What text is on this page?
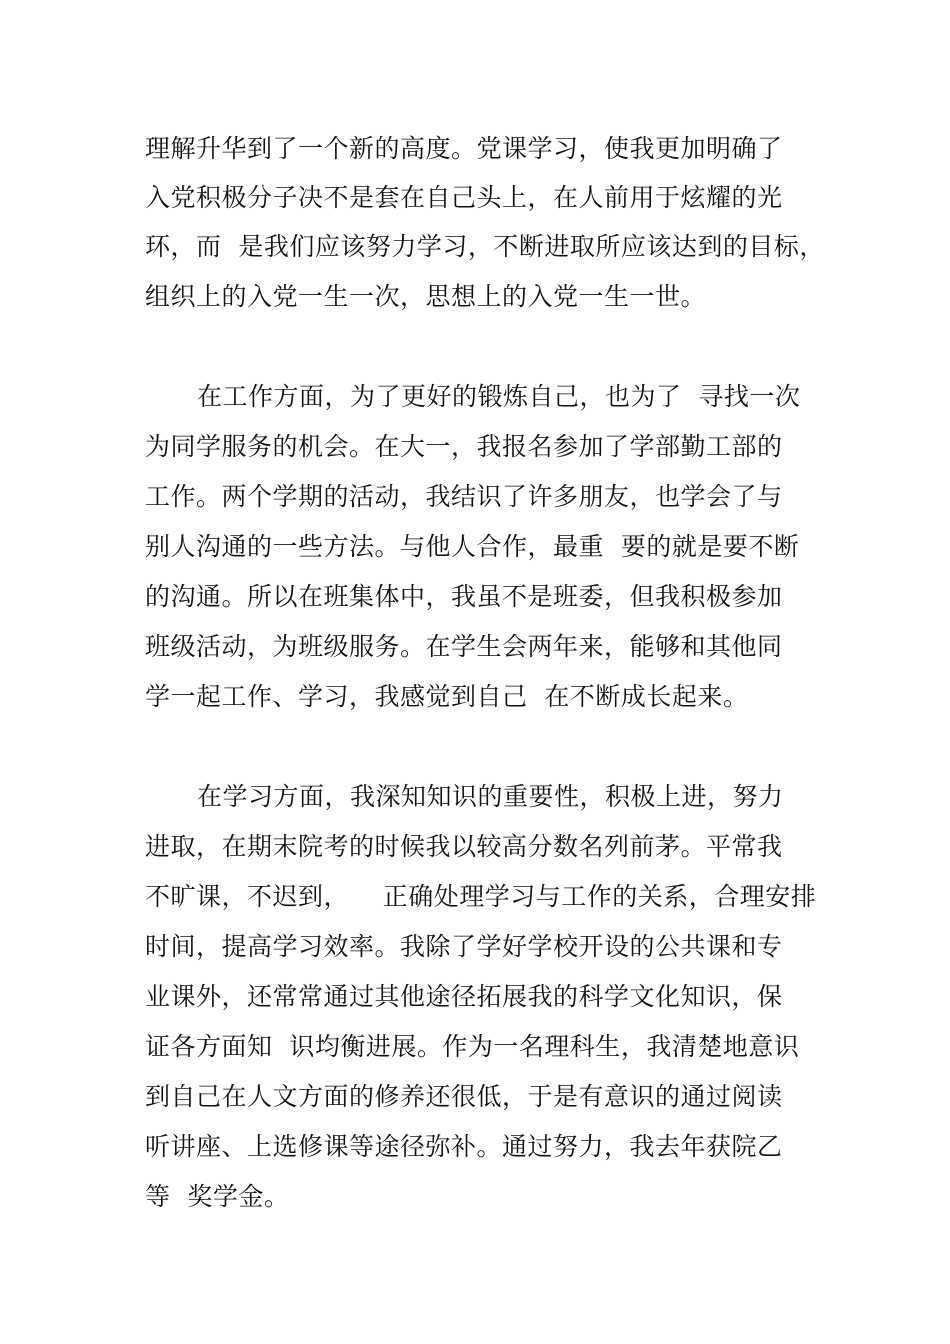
理解升华到了一个新的高度。党课学习，使我更加明确了
入党积极分子决不是套在自己头上，在人前用于炫耀的光
环，而  是我们应该努力学习，不断进取所应该达到的目标，
组织上的入党一生一次，思想上的入党一生一世。
在工作方面，为了更好的锻炼自己，也为了  寻找一次
为同学服务的机会。在大一，我报名参加了学部勤工部的
工作。两个学期的活动，我结识了许多朋友，也学会了与
别人沟通的一些方法。与他人合作，最重  要的就是要不断
的沟通。所以在班集体中，我虽不是班委，但我积极参加
班级活动，为班级服务。在学生会两年来，能够和其他同
学一起工作、学习，我感觉到自己  在不断成长起来。
在学习方面，我深知知识的重要性，积极上进，努力
进取，在期末院考的时候我以较高分数名列前茅。平常我
不旷课，不迟到，    正确处理学习与工作的关系，合理安排
时间，提高学习效率。我除了学好学校开设的公共课和专
业课外，还常常通过其他途径拓展我的科学文化知识，保
证各方面知  识均衡进展。作为一名理科生，我清楚地意识
到自己在人文方面的修养还很低，于是有意识的通过阅读
听讲座、上选修课等途径弥补。通过努力，我去年获院乙
等  奖学金。
